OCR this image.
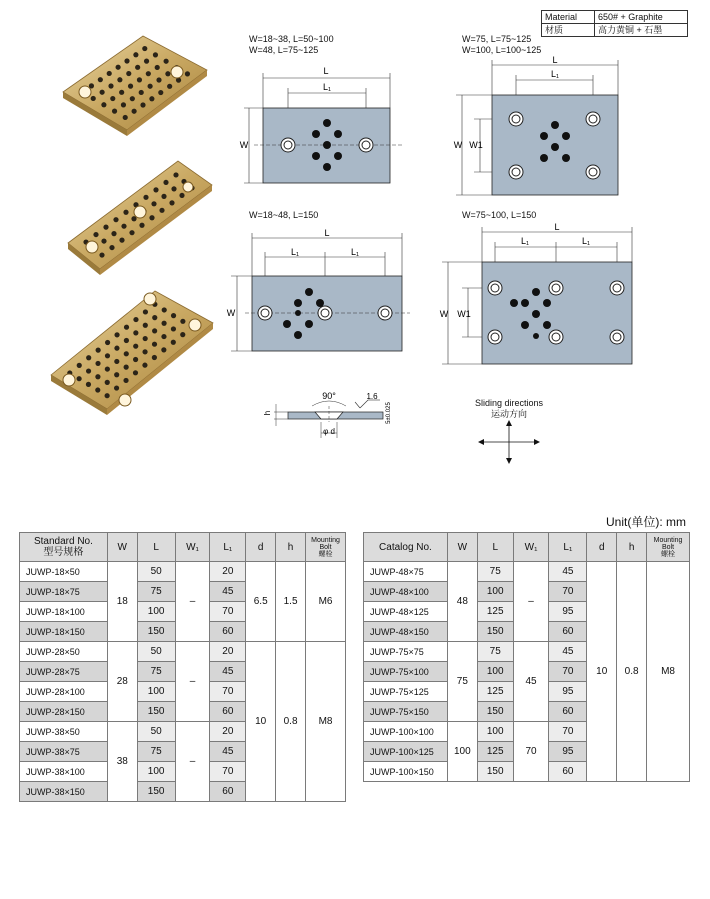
Material	650# + Graphite
材质	高力黄铜 + 石墨
W=18~38, L=50~100
W=48, L=75~125
L
L₁
W
W=75, L=75~125
W=100, L=100~125
L
L₁
W W1
W=18~48, L=150
L
L₁	L₁
W
W=75~100, L=150
L
L₁	L₁
W W1
90°	1.6
5±0.025
h
φ d
Sliding directions
运动方向
Unit(单位): mm
Standard No.
型号规格	W	L	W₁	L₁	d	h	Mounting
Bolt
螺栓

JUWP-18×50	18	50	–	20	6.5	1.5	M6
JUWP-18×75		75		45			
JUWP-18×100		100		70			
JUWP-18×150		150		60			
JUWP-28×50	28	50	–	20	10	0.8	M8
JUWP-28×75		75		45			
JUWP-28×100		100		70			
JUWP-28×150		150		60			
JUWP-38×50	38	50	–	20			
JUWP-38×75		75		45			
JUWP-38×100		100		70			
JUWP-38×150		150		60			
Catalog No.	W	L	W₁	L₁	d	h	Mounting
Bolt
螺栓

JUWP-48×75	48	75	–	45	10	0.8	M8
JUWP-48×100		100		70			
JUWP-48×125		125		95			
JUWP-48×150		150		60			
JUWP-75×75	75	75	45	45			
JUWP-75×100		100		70			
JUWP-75×125		125		95			
JUWP-75×150		150		60			
JUWP-100×100	100	100	70	70			
JUWP-100×125		125		95			
JUWP-100×150		150		60			
